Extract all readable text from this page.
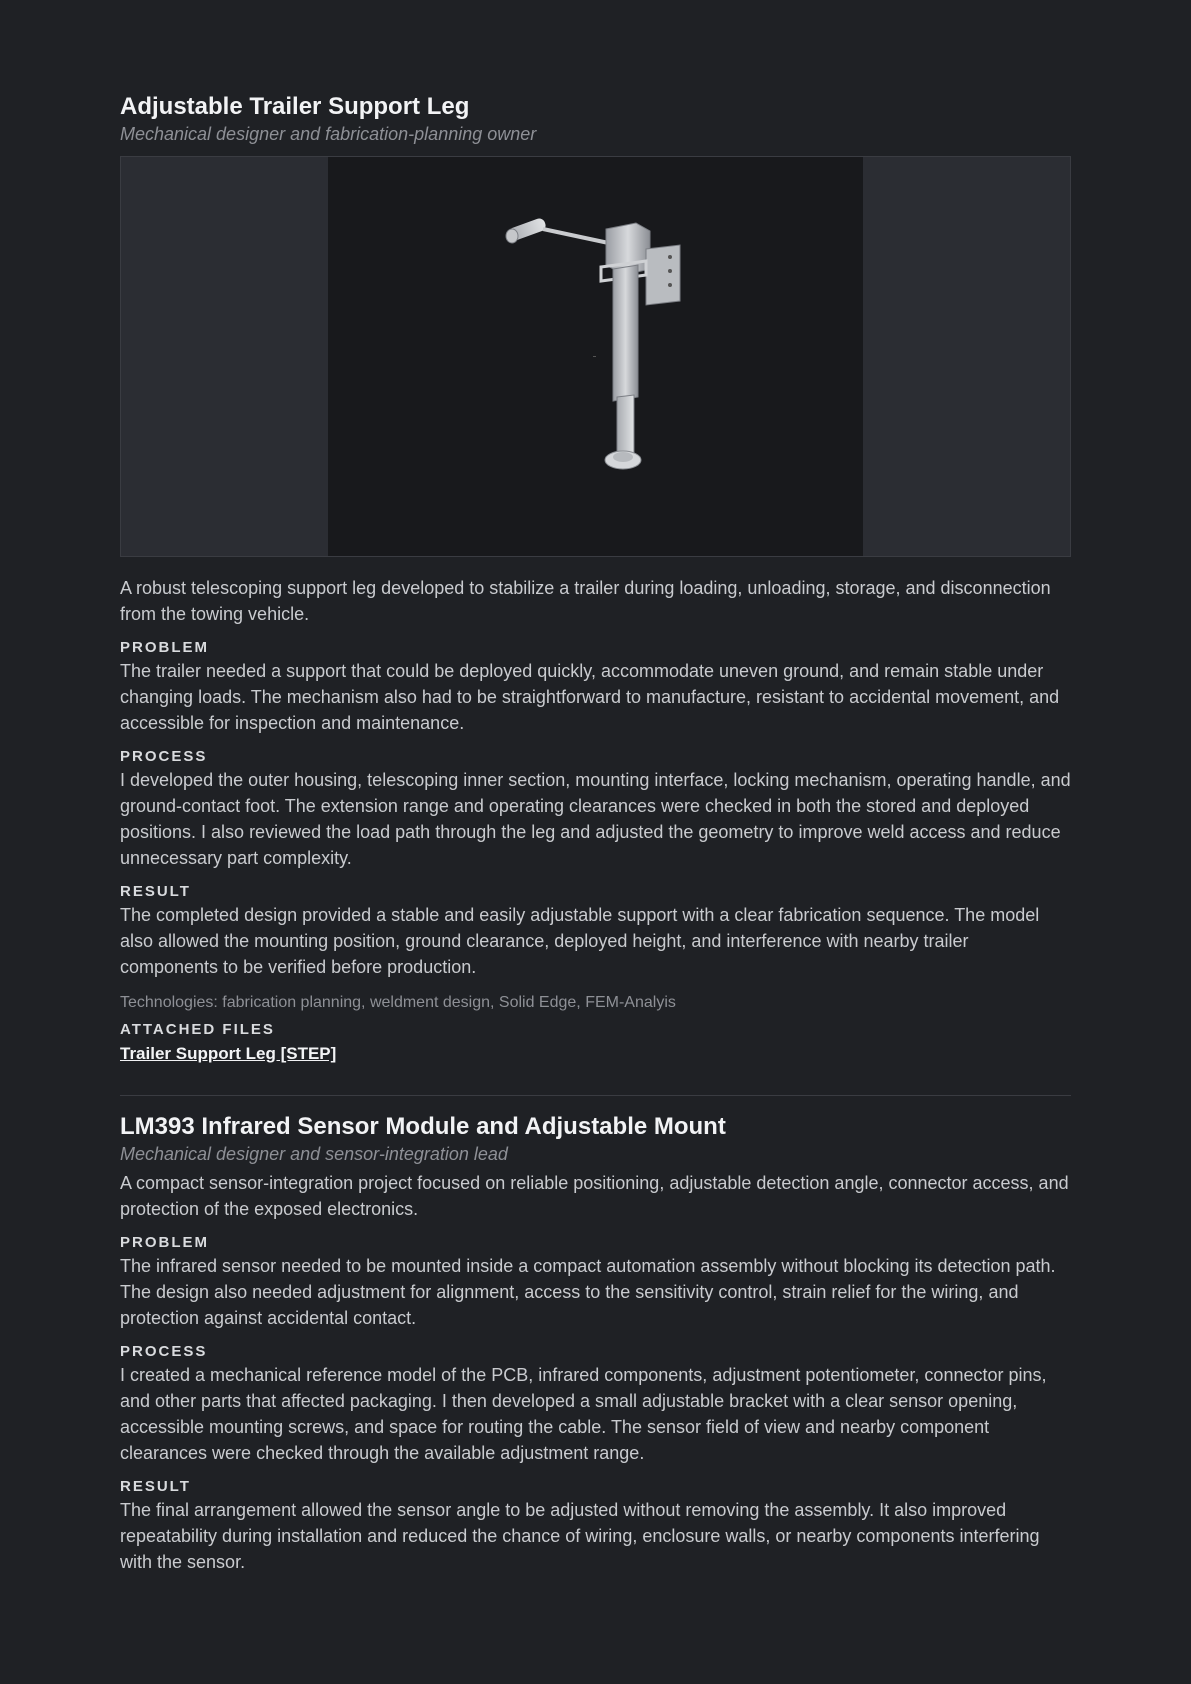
Adjustable Trailer Support Leg

Mechanical designer and fabrication-planning owner

A robust telescoping support leg developed to stabilize a trailer during loading, unloading, storage, and disconnection from the towing vehicle.

PROBLEM

The trailer needed a support that could be deployed quickly, accommodate uneven ground, and remain stable under changing loads. The mechanism also had to be straightforward to manufacture, resistant to accidental movement, and accessible for inspection and maintenance.

PROCESS

I developed the outer housing, telescoping inner section, mounting interface, locking mechanism, operating handle, and ground-contact foot. The extension range and operating clearances were checked in both the stored and deployed positions. I also reviewed the load path through the leg and adjusted the geometry to improve weld access and reduce unnecessary part complexity.

RESULT

The completed design provided a stable and easily adjustable support with a clear fabrication sequence. The model also allowed the mounting position, ground clearance, deployed height, and interference with nearby trailer components to be verified before production.

Technologies: fabrication planning, weldment design, Solid Edge, FEM-Analyis

ATTACHED FILES
Trailer Support Leg [STEP]
LM393 Infrared Sensor Module and Adjustable Mount

Mechanical designer and sensor-integration lead

A compact sensor-integration project focused on reliable positioning, adjustable detection angle, connector access, and protection of the exposed electronics.

PROBLEM

The infrared sensor needed to be mounted inside a compact automation assembly without blocking its detection path. The design also needed adjustment for alignment, access to the sensitivity control, strain relief for the wiring, and protection against accidental contact.

PROCESS

I created a mechanical reference model of the PCB, infrared components, adjustment potentiometer, connector pins, and other parts that affected packaging. I then developed a small adjustable bracket with a clear sensor opening, accessible mounting screws, and space for routing the cable. The sensor field of view and nearby component clearances were checked through the available adjustment range.

RESULT

The final arrangement allowed the sensor angle to be adjusted without removing the assembly. It also improved repeatability during installation and reduced the chance of wiring, enclosure walls, or nearby components interfering with the sensor.
